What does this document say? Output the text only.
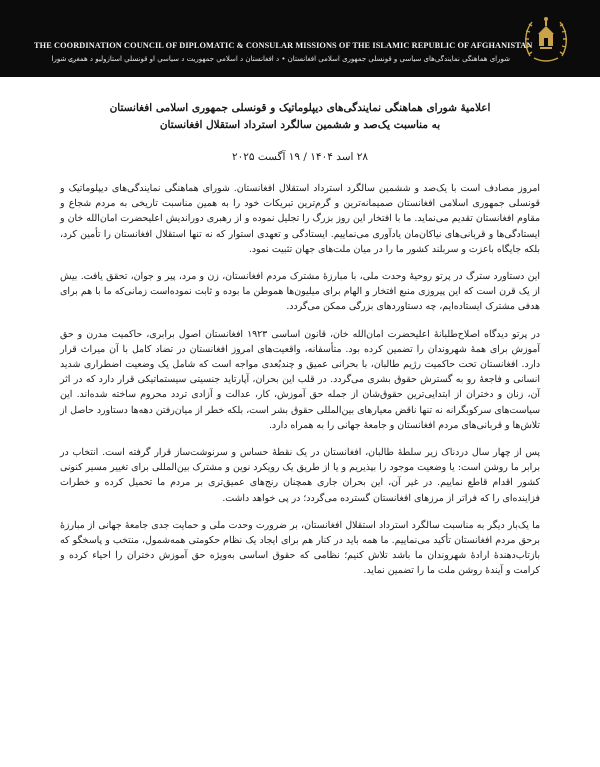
THE COORDINATION COUNCIL OF DIPLOMATIC & CONSULAR MISSIONS OF THE ISLAMIC REPUBLIC OF AFGHANISTAN
شورای هماهنگی نمایندگی‌های سیاسی و قونسلی جمهوری اسلامی افغانستان • د افغانستان د اسلامي جمهوریت د سیاسي او قونسلي استازولیو د همغږۍ شورا
اعلامیهٔ شورای هماهنگی نمایندگی‌های دیپلوماتیک و قونسلی جمهوری اسلامی افغانستان
به مناسبت یک‌صد و ششمین سالگرد استرداد استقلال افغانستان
۲۸ اسد ۱۴۰۴ / ۱۹ آگست ۲۰۲۵

امروز مصادف است با یک‌صد و ششمین سالگرد استرداد استقلال افغانستان. شورای هماهنگی نمایندگی‌های دیپلوماتیک و قونسلی جمهوری اسلامی افغانستان صمیمانه‌ترین و گرم‌ترین تبریکات خود را به همین مناسبت تاریخی به مردم شجاع و مقاوم افغانستان تقدیم می‌نماید. ما با افتخار این روز بزرگ را تجلیل نموده و از رهبری دوراندیش اعلیحضرت امان‌الله خان و ایستادگی‌ها و قربانی‌های نیاکان‌مان یادآوری می‌نماییم. ایستادگی و تعهدی استوار که نه تنها استقلال افغانستان را تأمین کرد، بلکه جایگاه باعزت و سربلند کشور ما را در میان ملت‌های جهان تثبیت نمود.

این دستاورد سترگ در پرتو روحیهٔ وحدت ملی، با مبارزهٔ مشترک مردم افغانستان، زن و مرد، پیر و جوان، تحقق یافت. بیش از یک قرن است که این پیروزی منبع افتخار و الهام برای میلیون‌ها هموطن ما بوده و ثابت نموده‌است زمانی‌که ما با هم برای هدفی مشترک ایستاده‌ایم، چه دستاوردهای بزرگی ممکن می‌گردد.

در پرتو دیدگاه اصلاح‌طلبانهٔ اعلیحضرت امان‌الله خان، قانون اساسی ۱۹۲۳ افغانستان اصول برابری، حاکمیت مدرن و حق آموزش برای همهٔ شهروندان را تضمین کرده بود. متأسفانه، واقعیت‌های امروز افغانستان در تضاد کامل با آن میراث قرار دارد. افغانستان تحت حاکمیت رژیم طالبان، با بحرانی عمیق و چندبُعدی مواجه است که شامل یک وضعیت اضطراری شدید انسانی و فاجعهٔ رو به گسترش حقوق بشری می‌گردد. در قلب این بحران، آپارتاید جنسیتی سیستماتیکی قرار دارد که در اثر آن، زنان و دختران از ابتدایی‌ترین حقوق‌شان از جمله حق آموزش، کار، عدالت و آزادی تردد محروم ساخته شده‌اند. این سیاست‌های سرکوبگرانه نه تنها ناقض معیارهای بین‌المللی حقوق بشر است، بلکه خطر از میان‌رفتن دهه‌ها دستاورد حاصل از تلاش‌ها و قربانی‌های مردم افغانستان و جامعهٔ جهانی را به همراه دارد.

پس از چهار سال دردناک زیر سلطهٔ طالبان، افغانستان در یک نقطهٔ حساس و سرنوشت‌ساز قرار گرفته است. انتخاب در برابر ما روشن است: یا وضعیت موجود را بپذیریم و یا از طریق یک رویکرد نوین و مشترک بین‌المللی برای تغییر مسیر کنونی کشور اقدام قاطع نماییم. در غیر آن، این بحران جاری همچنان رنج‌های عمیق‌تری بر مردم ما تحمیل کرده و خطرات فزاینده‌ای را که فراتر از مرزهای افغانستان گسترده می‌گردد؛ در پی خواهد داشت.

ما یک‌بار دیگر به مناسبت سالگرد استرداد استقلال افغانستان، بر ضرورت وحدت ملی و حمایت جدی جامعهٔ جهانی از مبارزهٔ برحق مردم افغانستان تأکید می‌نماییم. ما همه باید در کنار هم برای ایجاد یک نظام حکومتی همه‌شمول، منتخب و پاسخگو که بازتاب‌دهندهٔ ارادهٔ شهروندان ما باشد تلاش کنیم؛ نظامی که حقوق اساسی به‌ویژه حق آموزش دختران را احیاء کرده و کرامت و آیندهٔ روشن ملت ما را تضمین نماید.
